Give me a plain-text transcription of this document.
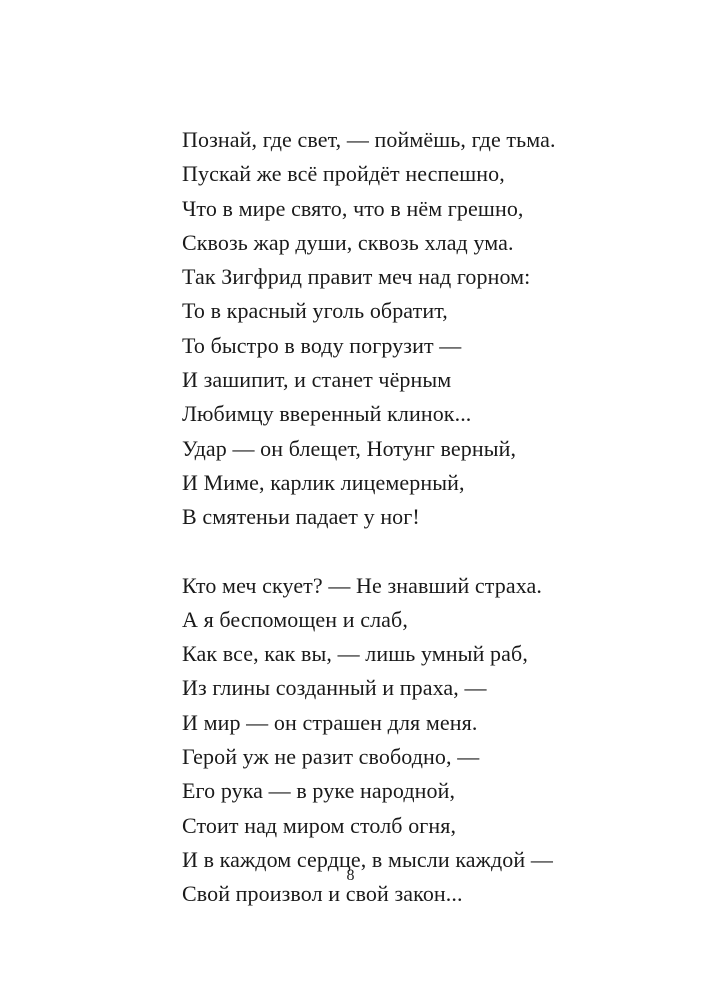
Познай, где свет, — поймёшь, где тьма.
Пускай же всё пройдёт неспешно,
Что в мире свято, что в нём грешно,
Сквозь жар души, сквозь хлад ума.
Так Зигфрид правит меч над горном:
То в красный уголь обратит,
То быстро в воду погрузит —
И зашипит, и станет чёрным
Любимцу вверенный клинок...
Удар — он блещет, Нотунг верный,
И Миме, карлик лицемерный,
В смятеньи падает у ног!
Кто меч скует? — Не знавший страха.
А я беспомощен и слаб,
Как все, как вы, — лишь умный раб,
Из глины созданный и праха, —
И мир — он страшен для меня.
Герой уж не разит свободно, —
Его рука — в руке народной,
Стоит над миром столб огня,
И в каждом сердце, в мысли каждой —
Свой произвол и свой закон...
8
